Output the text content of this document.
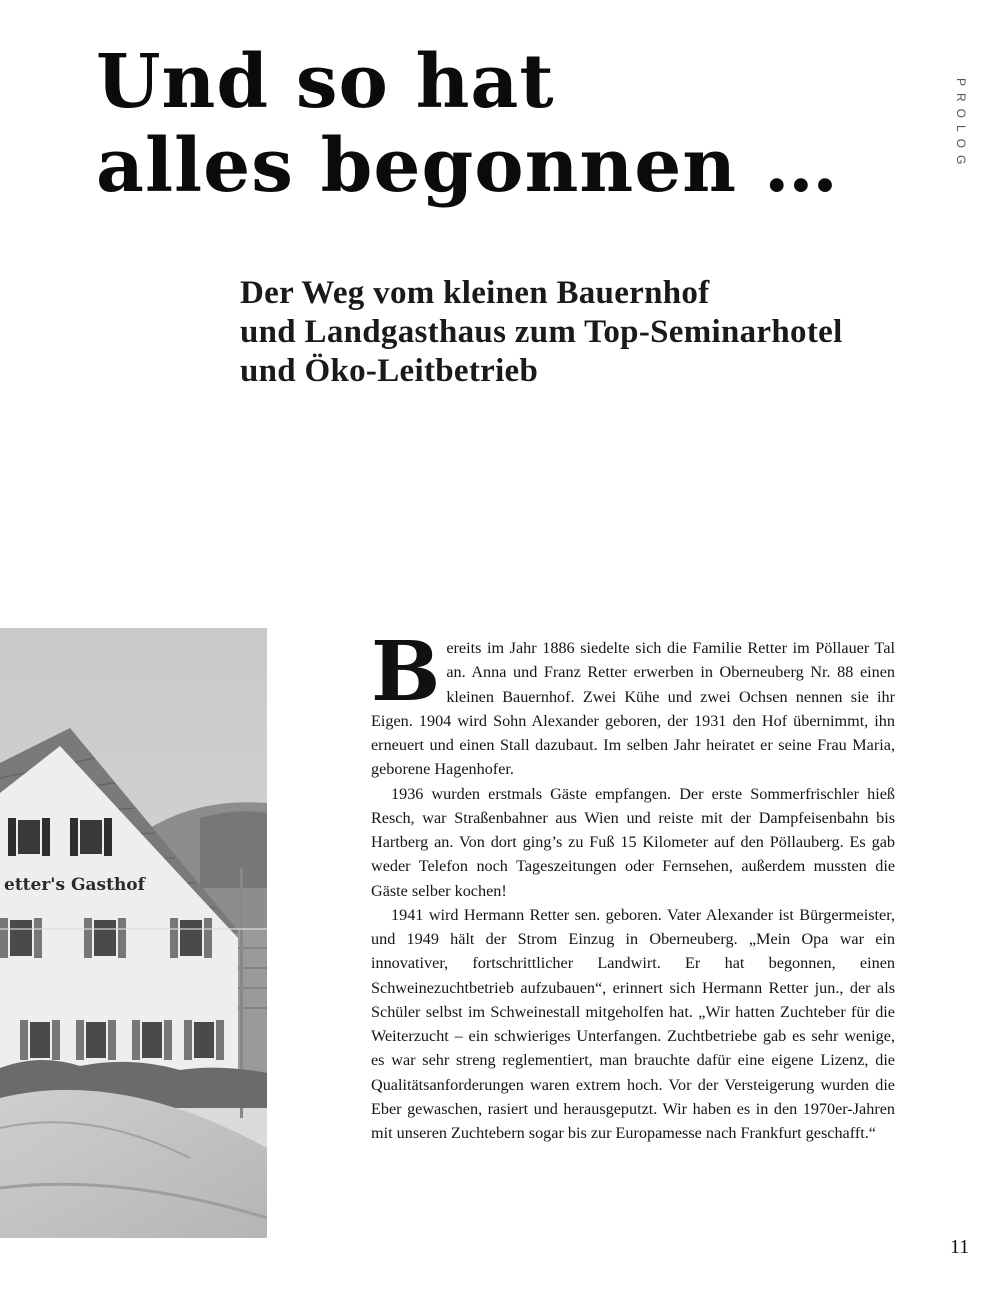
Und so hat
alles begonnen …
Der Weg vom kleinen Bauernhof
und Landgasthaus zum Top-Seminarhotel
und Öko-Leitbetrieb
PROLOG
etter's Gasthof

Bereits im Jahr 1886 siedelte sich die Familie Retter im Pöllauer Tal an. Anna und Franz Retter erwerben in Oberneuberg Nr. 88 einen kleinen Bauernhof. Zwei Kühe und zwei Ochsen nennen sie ihr Eigen. 1904 wird Sohn Alexander geboren, der 1931 den Hof übernimmt, ihn erneuert und einen Stall dazubaut. Im selben Jahr heiratet er seine Frau Maria, geborene Hagenhofer.

1936 wurden erstmals Gäste empfangen. Der erste Sommerfrischler hieß Resch, war Straßenbahner aus Wien und reiste mit der Dampfeisenbahn bis Hartberg an. Von dort ging’s zu Fuß 15 Kilometer auf den Pöllauberg. Es gab weder Telefon noch Tageszeitungen oder Fernsehen, außerdem mussten die Gäste selber kochen!

1941 wird Hermann Retter sen. geboren. Vater Alexander ist Bürgermeister, und 1949 hält der Strom Einzug in Oberneuberg. „Mein Opa war ein innovativer, fortschrittlicher Landwirt. Er hat begonnen, einen Schweinezuchtbetrieb aufzubauen“, erinnert sich Hermann Retter jun., der als Schüler selbst im Schweinestall mitgeholfen hat. „Wir hatten Zuchteber für die Weiterzucht – ein schwieriges Unterfangen. Zuchtbetriebe gab es sehr wenige, es war sehr streng reglementiert, man brauchte dafür eine eigene Lizenz, die Qualitätsanforderungen waren extrem hoch. Vor der Versteigerung wurden die Eber gewaschen, rasiert und herausgeputzt. Wir haben es in den 1970er-Jahren mit unseren Zuchtebern sogar bis zur Europamesse nach Frankfurt geschafft.“

11
